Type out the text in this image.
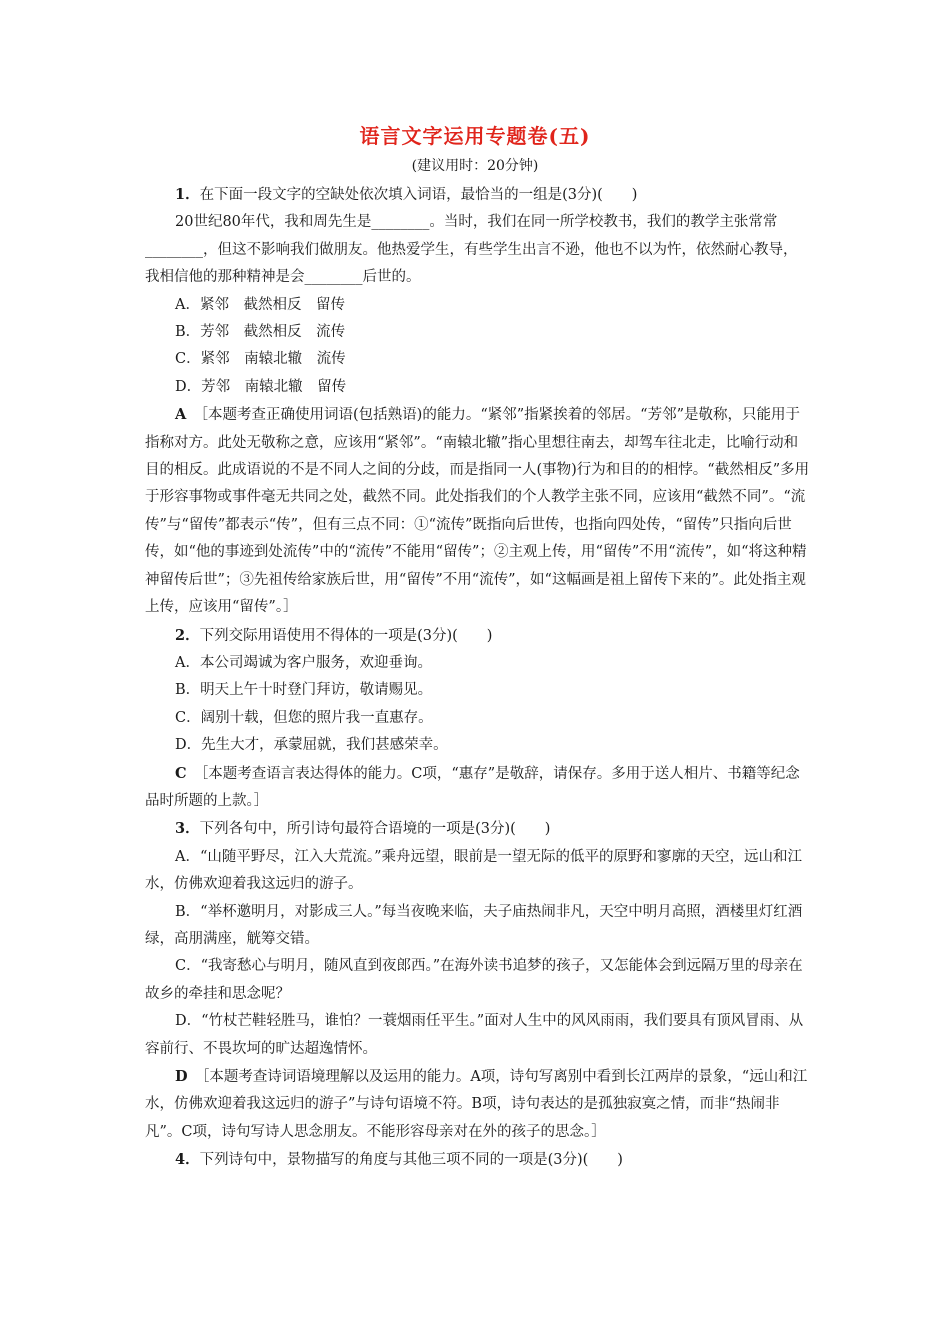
语言文字运用专题卷(五)
(建议用时：20分钟)

1．在下面一段文字的空缺处依次填入词语，最恰当的一组是(3分)(　　)

20世纪80年代，我和周先生是________。当时，我们在同一所学校教书，我们的教学主张常常________，但这不影响我们做朋友。他热爱学生，有些学生出言不逊，他也不以为忤，依然耐心教导，我相信他的那种精神是会________后世的。

A．紧邻　截然相反　留传

B．芳邻　截然相反　流传

C．紧邻　南辕北辙　流传

D．芳邻　南辕北辙　留传

A　 ［本题考查正确使用词语(包括熟语)的能力。“紧邻”指紧挨着的邻居。“芳邻”是敬称，只能用于指称对方。此处无敬称之意，应该用“紧邻”。“南辕北辙”指心里想往南去，却驾车往北走，比喻行动和目的相反。此成语说的不是不同人之间的分歧，而是指同一人(事物)行为和目的的相悖。“截然相反”多用于形容事物或事件毫无共同之处，截然不同。此处指我们的个人教学主张不同，应该用“截然不同”。“流传”与“留传”都表示“传”，但有三点不同：①“流传”既指向后世传，也指向四处传，“留传”只指向后世传，如“他的事迹到处流传”中的“流传”不能用“留传”；②主观上传，用“留传”不用“流传”，如“将这种精神留传后世”；③先祖传给家族后世，用“留传”不用“流传”，如“这幅画是祖上留传下来的”。此处指主观上传，应该用“留传”。］

2．下列交际用语使用不得体的一项是(3分)(　　)

A．本公司竭诚为客户服务，欢迎垂询。

B．明天上午十时登门拜访，敬请赐见。

C．阔别十载，但您的照片我一直惠存。

D．先生大才，承蒙屈就，我们甚感荣幸。

C　 ［本题考查语言表达得体的能力。C项，“惠存”是敬辞，请保存。多用于送人相片、书籍等纪念品时所题的上款。］

3．下列各句中，所引诗句最符合语境的一项是(3分)(　　)

A．“山随平野尽，江入大荒流。”乘舟远望，眼前是一望无际的低平的原野和寥廓的天空，远山和江水，仿佛欢迎着我这远归的游子。

B．“举杯邀明月，对影成三人。”每当夜晚来临，夫子庙热闹非凡，天空中明月高照，酒楼里灯红酒绿，高朋满座，觥筹交错。

C．“我寄愁心与明月，随风直到夜郎西。”在海外读书追梦的孩子，又怎能体会到远隔万里的母亲在故乡的牵挂和思念呢？

D．“竹杖芒鞋轻胜马，谁怕？一蓑烟雨任平生。”面对人生中的风风雨雨，我们要具有顶风冒雨、从容前行、不畏坎坷的旷达超逸情怀。

D　 ［本题考查诗词语境理解以及运用的能力。A项，诗句写离别中看到长江两岸的景象，“远山和江水，仿佛欢迎着我这远归的游子”与诗句语境不符。B项，诗句表达的是孤独寂寞之情，而非“热闹非凡”。C项，诗句写诗人思念朋友。不能形容母亲对在外的孩子的思念。］

4．下列诗句中，景物描写的角度与其他三项不同的一项是(3分)(　　)
